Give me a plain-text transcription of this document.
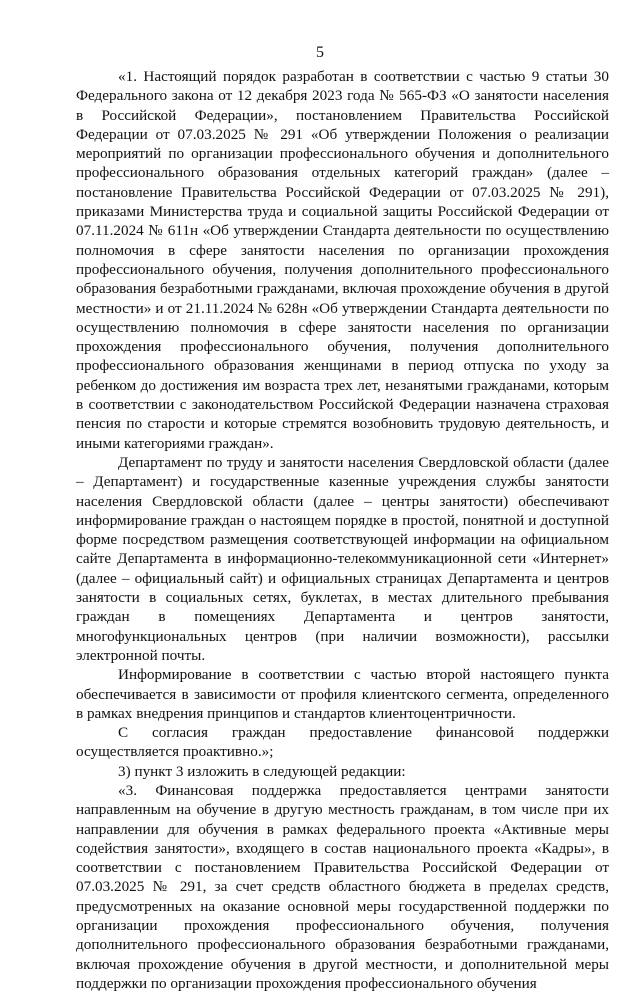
5

«1. Настоящий порядок разработан в соответствии с частью 9 статьи 30 Федерального закона от 12 декабря 2023 года № 565-ФЗ «О занятости населения в Российской Федерации», постановлением Правительства Российской Федерации от 07.03.2025 № 291 «Об утверждении Положения о реализации мероприятий по организации профессионального обучения и дополнительного профессионального образования отдельных категорий граждан» (далее – постановление Правительства Российской Федерации от 07.03.2025 № 291), приказами Министерства труда и социальной защиты Российской Федерации от 07.11.2024 № 611н «Об утверждении Стандарта деятельности по осуществлению полномочия в сфере занятости населения по организации прохождения профессионального обучения, получения дополнительного профессионального образования безработными гражданами, включая прохождение обучения в другой местности» и от 21.11.2024 № 628н «Об утверждении Стандарта деятельности по осуществлению полномочия в сфере занятости населения по организации прохождения профессионального обучения, получения дополнительного профессионального образования женщинами в период отпуска по уходу за ребенком до достижения им возраста трех лет, незанятыми гражданами, которым в соответствии с законодательством Российской Федерации назначена страховая пенсия по старости и которые стремятся возобновить трудовую деятельность, и иными категориями граждан».

Департамент по труду и занятости населения Свердловской области (далее – Департамент) и государственные казенные учреждения службы занятости населения Свердловской области (далее – центры занятости) обеспечивают информирование граждан о настоящем порядке в простой, понятной и доступной форме посредством размещения соответствующей информации на официальном сайте Департамента в информационно-телекоммуникационной сети «Интернет» (далее – официальный сайт) и официальных страницах Департамента и центров занятости в социальных сетях, буклетах, в местах длительного пребывания граждан в помещениях Департамента и центров занятости, многофункциональных центров (при наличии возможности), рассылки электронной почты.

Информирование в соответствии с частью второй настоящего пункта обеспечивается в зависимости от профиля клиентского сегмента, определенного в рамках внедрения принципов и стандартов клиентоцентричности.

С согласия граждан предоставление финансовой поддержки осуществляется проактивно.»;

3) пункт 3 изложить в следующей редакции:

«3. Финансовая поддержка предоставляется центрами занятости направленным на обучение в другую местность гражданам, в том числе при их направлении для обучения в рамках федерального проекта «Активные меры содействия занятости», входящего в состав национального проекта «Кадры», в соответствии с постановлением Правительства Российской Федерации от 07.03.2025 № 291, за счет средств областного бюджета в пределах средств, предусмотренных на оказание основной меры государственной поддержки по организации прохождения профессионального обучения, получения дополнительного профессионального образования безработными гражданами, включая прохождение обучения в другой местности, и дополнительной меры поддержки по организации прохождения профессионального обучения
